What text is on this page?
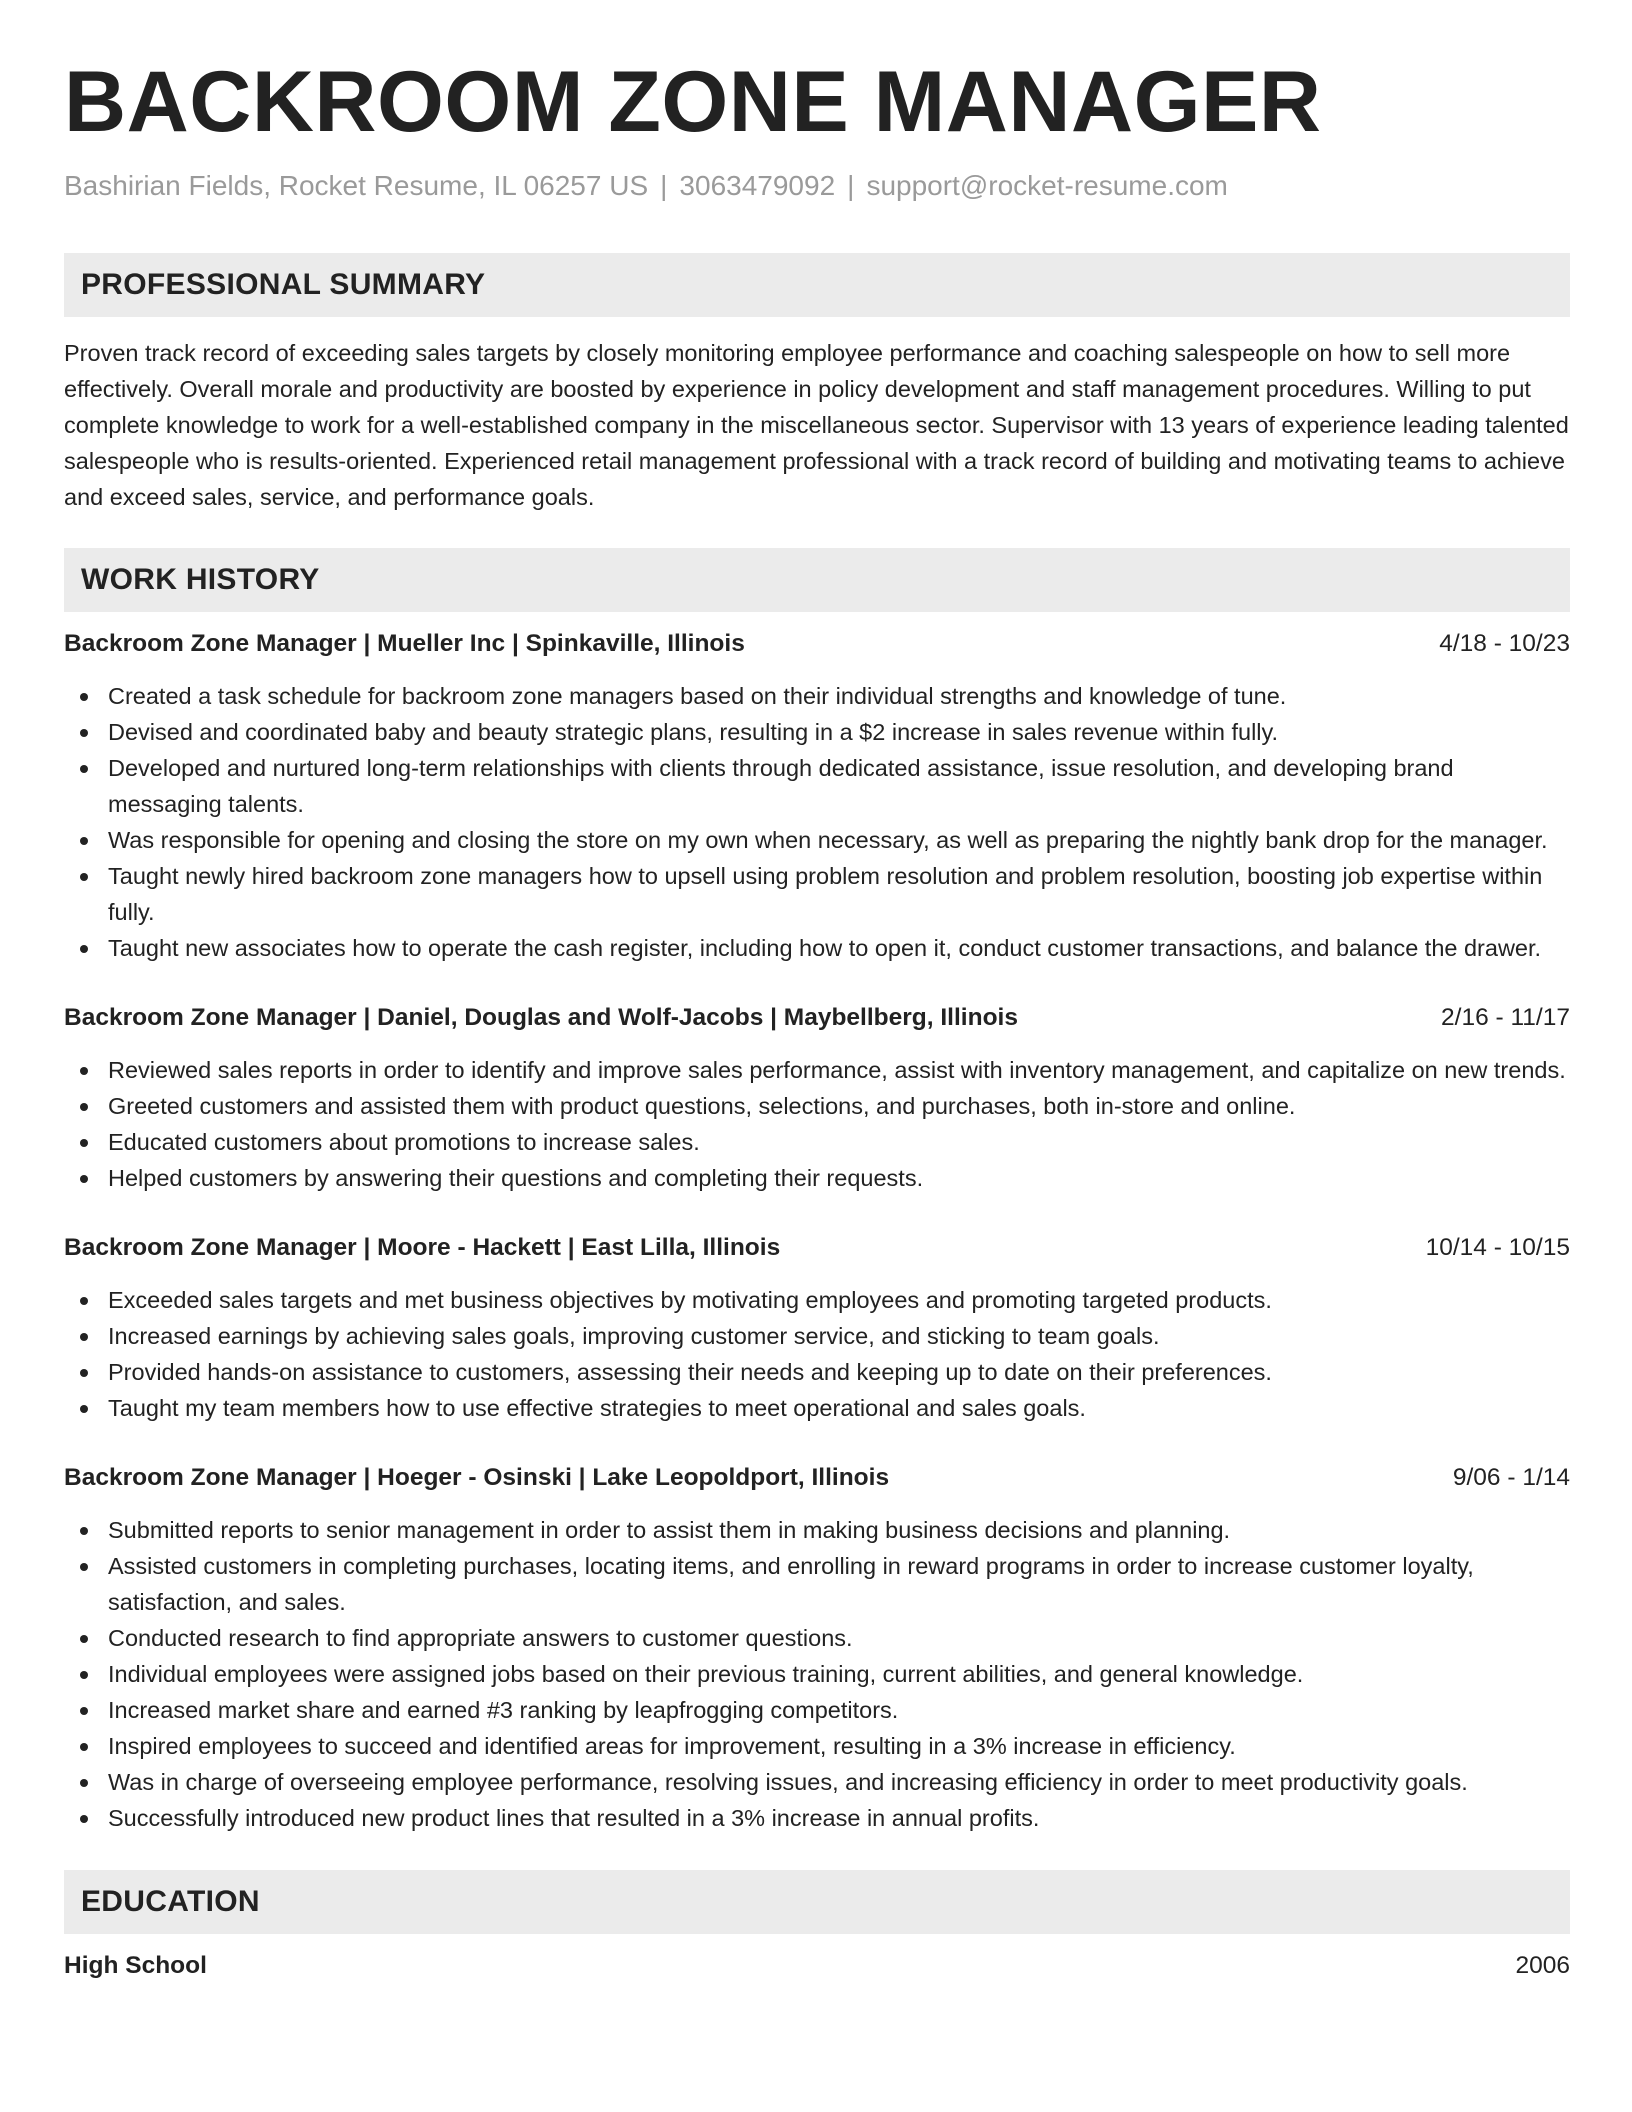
BACKROOM ZONE MANAGER
Bashirian Fields, Rocket Resume, IL 06257 US | 3063479092 | support@rocket-resume.com
PROFESSIONAL SUMMARY

Proven track record of exceeding sales targets by closely monitoring employee performance and coaching salespeople on how to sell more effectively. Overall morale and productivity are boosted by experience in policy development and staff management procedures. Willing to put complete knowledge to work for a well-established company in the miscellaneous sector. Supervisor with 13 years of experience leading talented salespeople who is results-oriented. Experienced retail management professional with a track record of building and motivating teams to achieve and exceed sales, service, and performance goals.

WORK HISTORY
Backroom Zone Manager | Mueller Inc | Spinkaville, Illinois	4/18 - 10/23
Created a task schedule for backroom zone managers based on their individual strengths and knowledge of tune.
Devised and coordinated baby and beauty strategic plans, resulting in a $2 increase in sales revenue within fully.
Developed and nurtured long-term relationships with clients through dedicated assistance, issue resolution, and developing brand messaging talents.
Was responsible for opening and closing the store on my own when necessary, as well as preparing the nightly bank drop for the manager.
Taught newly hired backroom zone managers how to upsell using problem resolution and problem resolution, boosting job expertise within fully.
Taught new associates how to operate the cash register, including how to open it, conduct customer transactions, and balance the drawer.
Backroom Zone Manager | Daniel, Douglas and Wolf-Jacobs | Maybellberg, Illinois	2/16 - 11/17
Reviewed sales reports in order to identify and improve sales performance, assist with inventory management, and capitalize on new trends.
Greeted customers and assisted them with product questions, selections, and purchases, both in-store and online.
Educated customers about promotions to increase sales.
Helped customers by answering their questions and completing their requests.
Backroom Zone Manager | Moore - Hackett | East Lilla, Illinois	10/14 - 10/15
Exceeded sales targets and met business objectives by motivating employees and promoting targeted products.
Increased earnings by achieving sales goals, improving customer service, and sticking to team goals.
Provided hands-on assistance to customers, assessing their needs and keeping up to date on their preferences.
Taught my team members how to use effective strategies to meet operational and sales goals.
Backroom Zone Manager | Hoeger - Osinski | Lake Leopoldport, Illinois	9/06 - 1/14
Submitted reports to senior management in order to assist them in making business decisions and planning.
Assisted customers in completing purchases, locating items, and enrolling in reward programs in order to increase customer loyalty, satisfaction, and sales.
Conducted research to find appropriate answers to customer questions.
Individual employees were assigned jobs based on their previous training, current abilities, and general knowledge.
Increased market share and earned #3 ranking by leapfrogging competitors.
Inspired employees to succeed and identified areas for improvement, resulting in a 3% increase in efficiency.
Was in charge of overseeing employee performance, resolving issues, and increasing efficiency in order to meet productivity goals.
Successfully introduced new product lines that resulted in a 3% increase in annual profits.
EDUCATION
High School	2006
